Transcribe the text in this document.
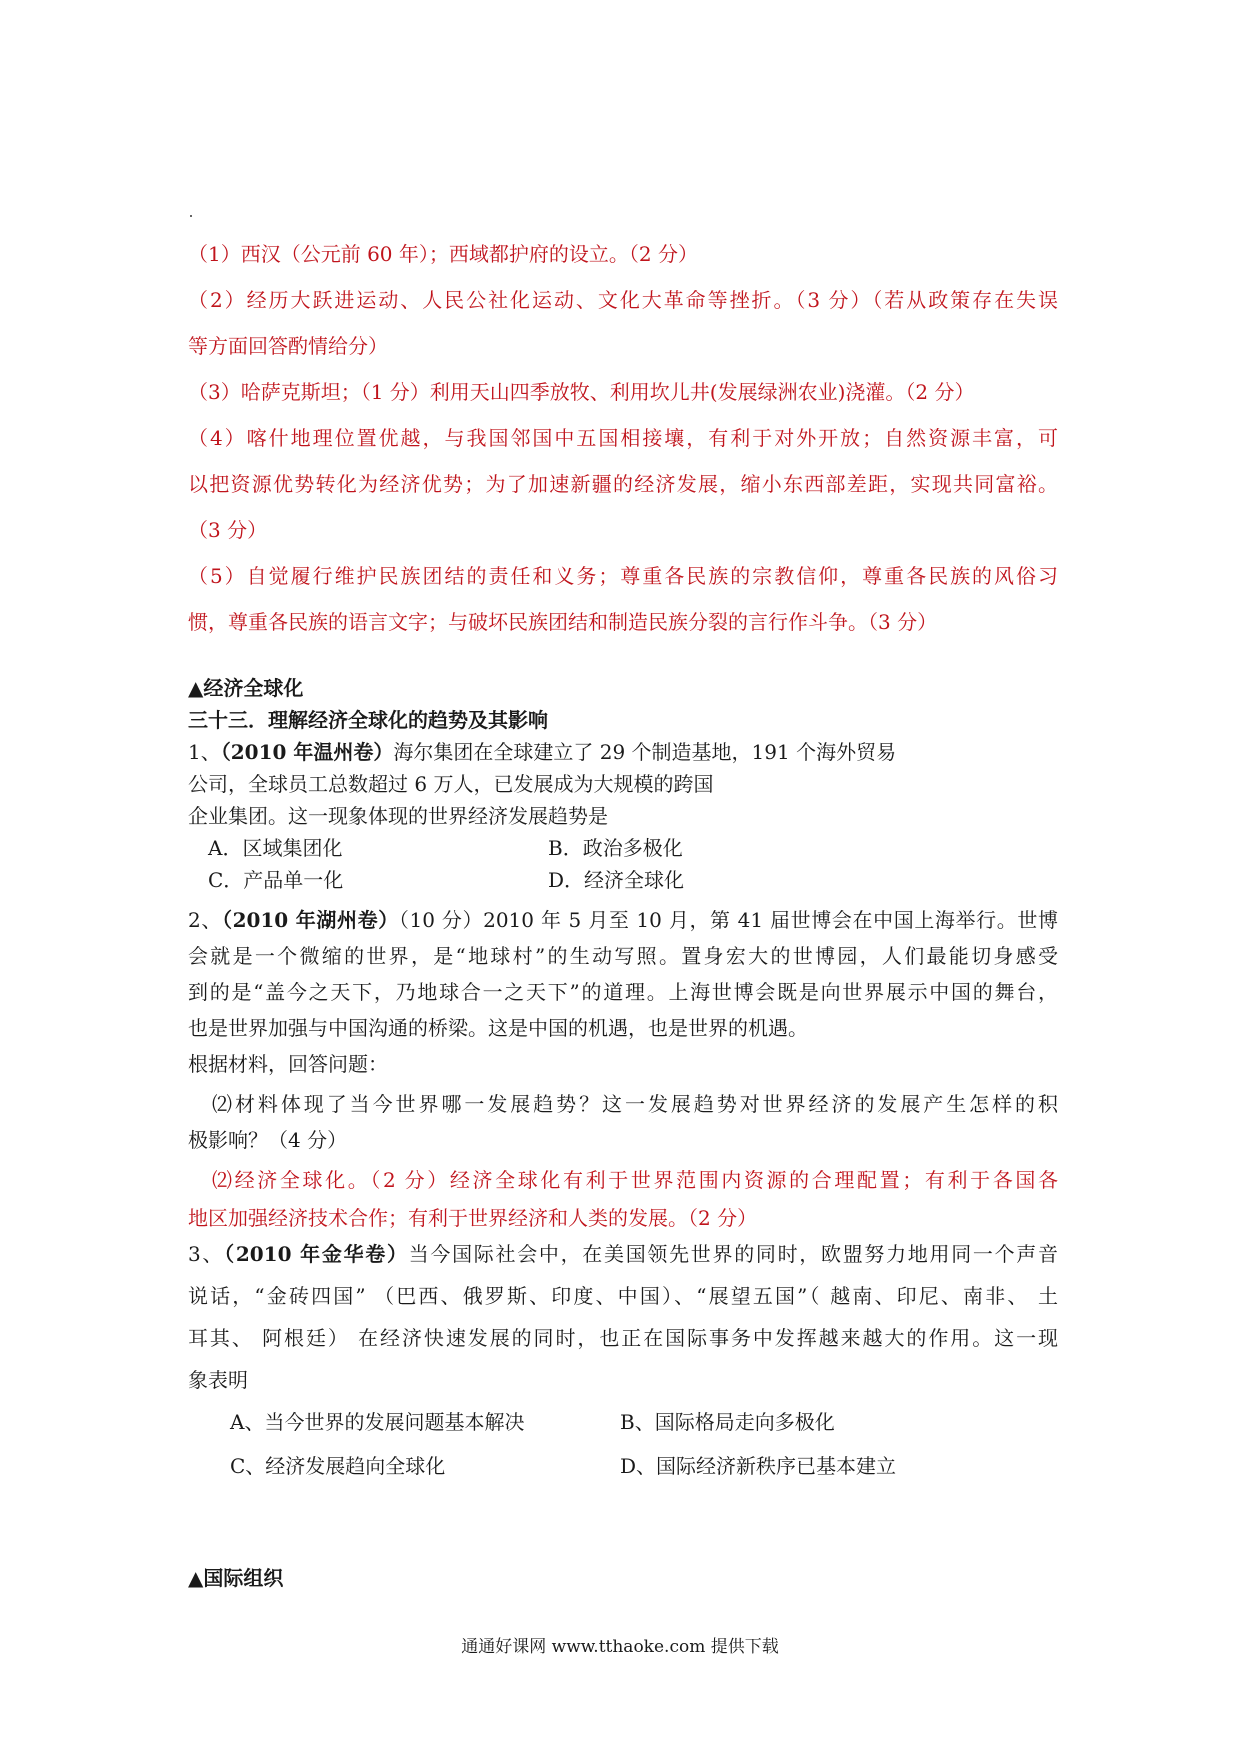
（1）西汉（公元前 60 年）；西域都护府的设立。（2 分）
（2）经历大跃进运动、人民公社化运动、文化大革命等挫折。（3 分）（若从政策存在失误
等方面回答酌情给分）
（3）哈萨克斯坦；（1 分）利用天山四季放牧、利用坎儿井(发展绿洲农业)浇灌。（2 分）
（4）喀什地理位置优越，与我国邻国中五国相接壤，有利于对外开放；自然资源丰富，可
以把资源优势转化为经济优势；为了加速新疆的经济发展，缩小东西部差距，实现共同富裕。
（3 分）
（5）自觉履行维护民族团结的责任和义务；尊重各民族的宗教信仰，尊重各民族的风俗习
惯，尊重各民族的语言文字；与破坏民族团结和制造民族分裂的言行作斗争。（3 分）
▲经济全球化
三十三．理解经济全球化的趋势及其影响
1、（2010 年温州卷）海尔集团在全球建立了 29 个制造基地，191 个海外贸易
公司，全球员工总数超过 6 万人，已发展成为大规模的跨国
企业集团。这一现象体现的世界经济发展趋势是
A．区域集团化	B．政治多极化
C．产品单一化	D．经济全球化
2、（2010 年湖州卷）（10 分）2010 年 5 月至 10 月，第 41 届世博会在中国上海举行。世博
会就是一个微缩的世界，是“地球村”的生动写照。置身宏大的世博园，人们最能切身感受
到的是“盖今之天下，乃地球合一之天下”的道理。上海世博会既是向世界展示中国的舞台，
也是世界加强与中国沟通的桥梁。这是中国的机遇，也是世界的机遇。
根据材料，回答问题：
⑵材料体现了当今世界哪一发展趋势？这一发展趋势对世界经济的发展产生怎样的积
极影响？（4 分）
⑵经济全球化。（2 分）经济全球化有利于世界范围内资源的合理配置；有利于各国各
地区加强经济技术合作；有利于世界经济和人类的发展。（2 分）
3、（2010 年金华卷）当今国际社会中，在美国领先世界的同时，欧盟努力地用同一个声音
说话，“金砖四国” （巴西、俄罗斯、印度、中国）、“展望五国”（ 越南、印尼、南非、 土
耳其、 阿根廷） 在经济快速发展的同时，也正在国际事务中发挥越来越大的作用。这一现
象表明
A、当今世界的发展问题基本解决	B、国际格局走向多极化
C、经济发展趋向全球化	D、国际经济新秩序已基本建立
▲国际组织
通通好课网 www.tthaoke.com 提供下载
